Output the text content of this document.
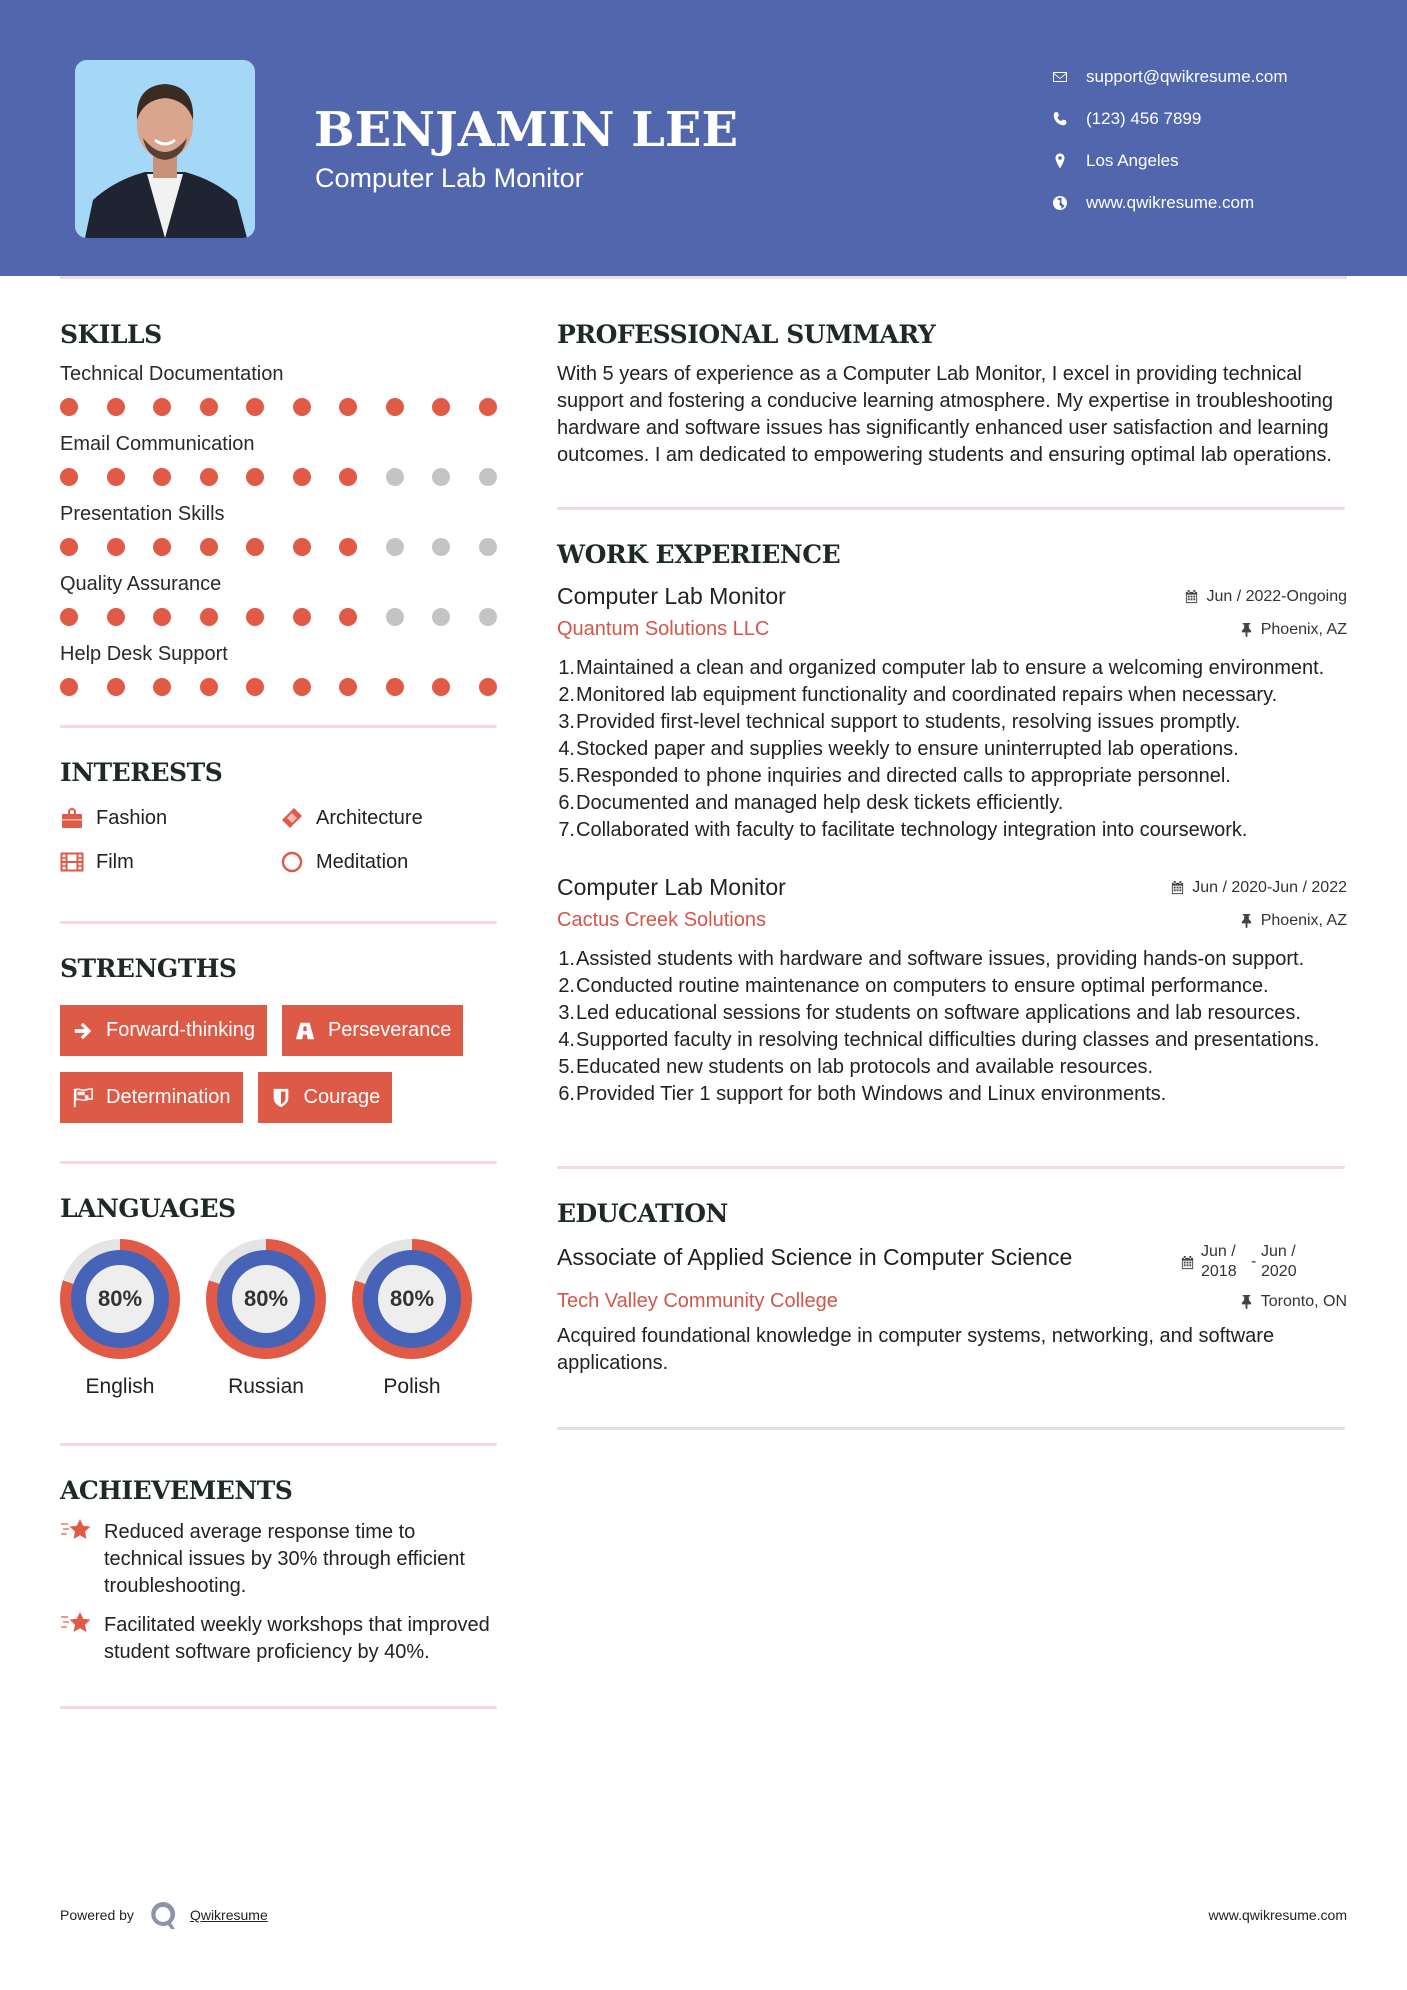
BENJAMIN LEE
Computer Lab Monitor
support@qwikresume.com
(123) 456 7899
Los Angeles
www.qwikresume.com
SKILLS
Technical Documentation
Email Communication
Presentation Skills
Quality Assurance
Help Desk Support
INTERESTS
Fashion	Architecture
Film	Meditation
STRENGTHS
Forward-thinking	Perseverance
Determination	Courage
LANGUAGES
80%
English
80%
Russian
80%
Polish
ACHIEVEMENTS
Reduced average response time to technical issues by 30% through efficient troubleshooting.
Facilitated weekly workshops that improved student software proficiency by 40%.
PROFESSIONAL SUMMARY
With 5 years of experience as a Computer Lab Monitor, I excel in providing technical support and fostering a conducive learning atmosphere. My expertise in troubleshooting hardware and software issues has significantly enhanced user satisfaction and learning outcomes. I am dedicated to empowering students and ensuring optimal lab operations.
WORK EXPERIENCE
Computer Lab Monitor	Jun / 2022-Ongoing
Quantum Solutions LLC	Phoenix, AZ
1. Maintained a clean and organized computer lab to ensure a welcoming environment.
2. Monitored lab equipment functionality and coordinated repairs when necessary.
3. Provided first-level technical support to students, resolving issues promptly.
4. Stocked paper and supplies weekly to ensure uninterrupted lab operations.
5. Responded to phone inquiries and directed calls to appropriate personnel.
6. Documented and managed help desk tickets efficiently.
7. Collaborated with faculty to facilitate technology integration into coursework.
Computer Lab Monitor	Jun / 2020-Jun / 2022
Cactus Creek Solutions	Phoenix, AZ
1. Assisted students with hardware and software issues, providing hands-on support.
2. Conducted routine maintenance on computers to ensure optimal performance.
3. Led educational sessions for students on software applications and lab resources.
4. Supported faculty in resolving technical difficulties during classes and presentations.
5. Educated new students on lab protocols and available resources.
6. Provided Tier 1 support for both Windows and Linux environments.
EDUCATION
Associate of Applied Science in Computer Science	Jun / 2018
-
Jun / 2020
Tech Valley Community College	Toronto, ON
Acquired foundational knowledge in computer systems, networking, and software applications.
Powered by	Qwikresume	www.qwikresume.com
